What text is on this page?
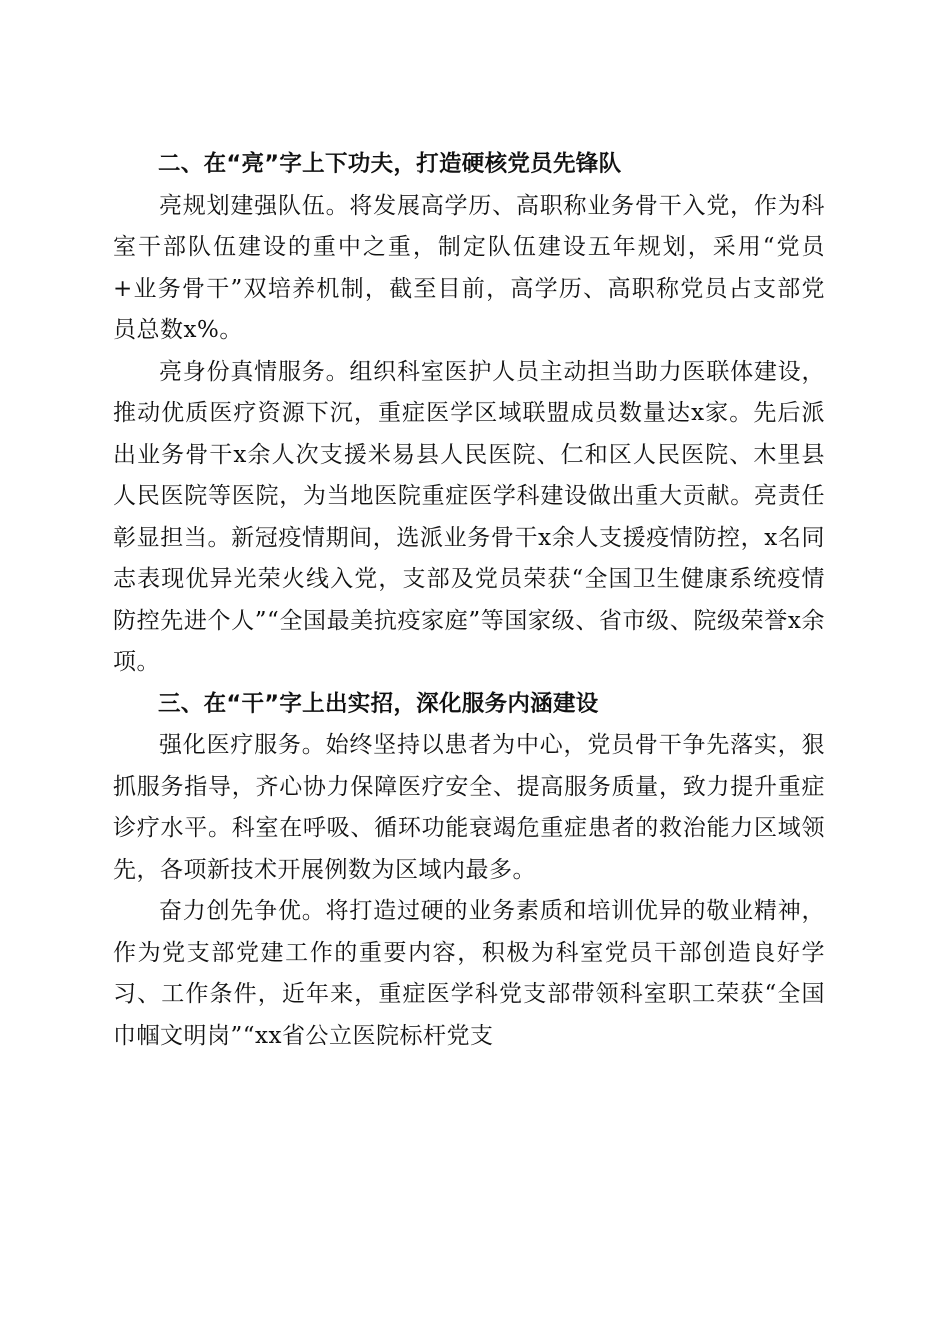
二、在“亮”字上下功夫，打造硬核党员先锋队

亮规划建强队伍。将发展高学历、高职称业务骨干入党，作为科室干部队伍建设的重中之重，制定队伍建设五年规划，采用“党员+业务骨干”双培养机制，截至目前，高学历、高职称党员占支部党员总数x%。

亮身份真情服务。组织科室医护人员主动担当助力医联体建设，推动优质医疗资源下沉，重症医学区域联盟成员数量达x家。先后派出业务骨干x余人次支援米易县人民医院、仁和区人民医院、木里县人民医院等医院，为当地医院重症医学科建设做出重大贡献。亮责任彰显担当。新冠疫情期间，选派业务骨干x余人支援疫情防控，x名同志表现优异光荣火线入党，支部及党员荣获“全国卫生健康系统疫情防控先进个人”“全国最美抗疫家庭”等国家级、省市级、院级荣誉x余项。

三、在“干”字上出实招，深化服务内涵建设

强化医疗服务。始终坚持以患者为中心，党员骨干争先落实，狠抓服务指导，齐心协力保障医疗安全、提高服务质量，致力提升重症诊疗水平。科室在呼吸、循环功能衰竭危重症患者的救治能力区域领先，各项新技术开展例数为区域内最多。

奋力创先争优。将打造过硬的业务素质和培训优异的敬业精神，作为党支部党建工作的重要内容，积极为科室党员干部创造良好学习、工作条件，近年来，重症医学科党支部带领科室职工荣获“全国巾帼文明岗”“xx省公立医院标杆党支
